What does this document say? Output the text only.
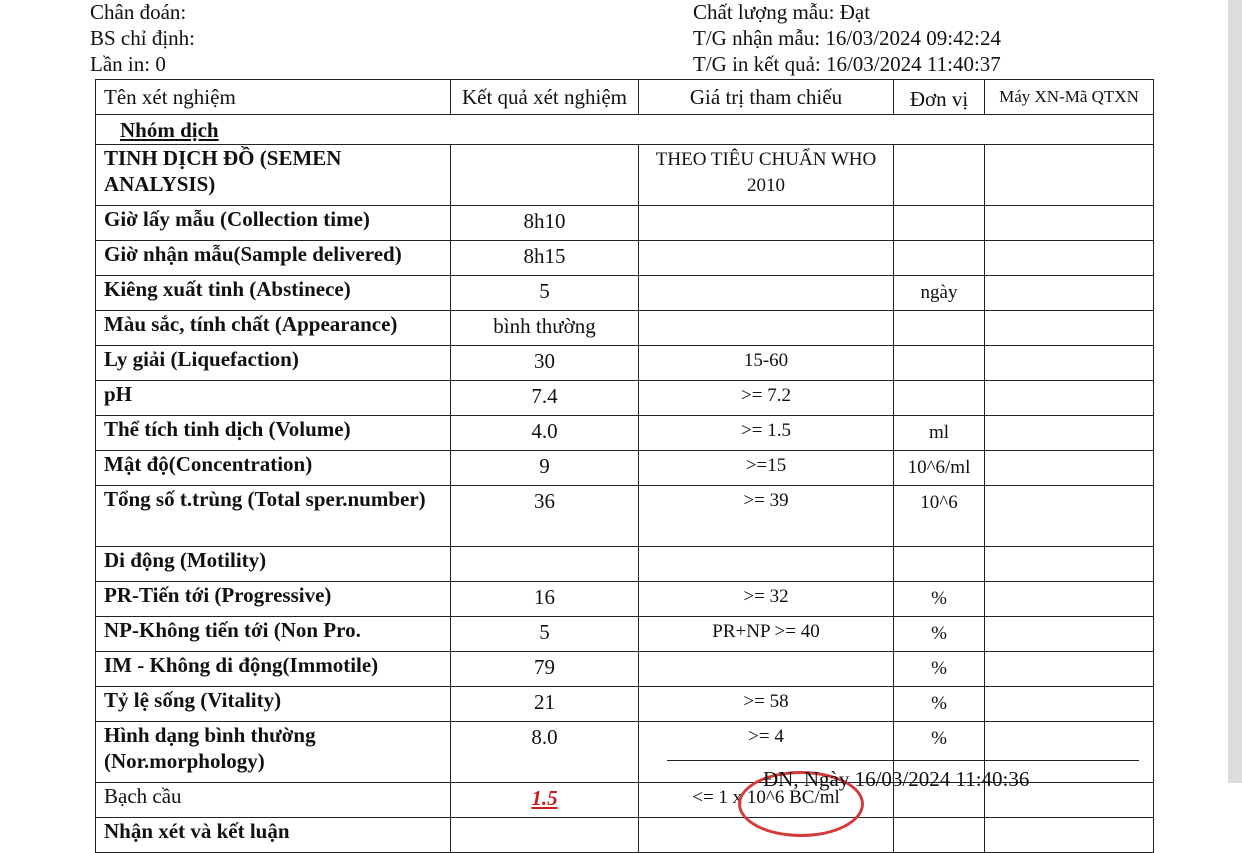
Chân đoán:
BS chỉ định:
Lần in: 0
Chất lượng mẫu: Đạt
T/G nhận mẫu: 16/03/2024 09:42:24
T/G in kết quả: 16/03/2024 11:40:37
Tên xét nghiệm	Kết quả xét nghiệm	Giá trị tham chiếu	Đơn vị	Máy XN-Mã QTXN
Nhóm dịch				
TINH DỊCH ĐỒ (SEMEN ANALYSIS)		THEO TIÊU CHUẨN WHO 2010		
Giờ lấy mẫu (Collection time)	8h10			
Giờ nhận mẫu(Sample delivered)	8h15			
Kiêng xuất tinh (Abstinece)	5		ngày	
Màu sắc, tính chất (Appearance)	bình thường			
Ly giải (Liquefaction)	30	15-60		
pH	7.4	>= 7.2		
Thể tích tinh dịch (Volume)	4.0	>= 1.5	ml	
Mật độ(Concentration)	9	>=15	10^6/ml	
Tổng số t.trùng (Total sper.number)	36	>= 39	10^6	
Di động (Motility)				
PR-Tiến tới (Progressive)	16	>= 32	%	
NP-Không tiến tới (Non Pro.	5	PR+NP >= 40	%	
IM - Không di động(Immotile)	79		%	
Tỷ lệ sống (Vitality)	21	>= 58	%	
Hình dạng bình thường (Nor.morphology)	8.0	>= 4	%	
Bạch cầu	1.5	<= 1 x 10^6 BC/ml		
Nhận xét và kết luận				
ĐN, Ngày 16/03/2024 11:40:36
